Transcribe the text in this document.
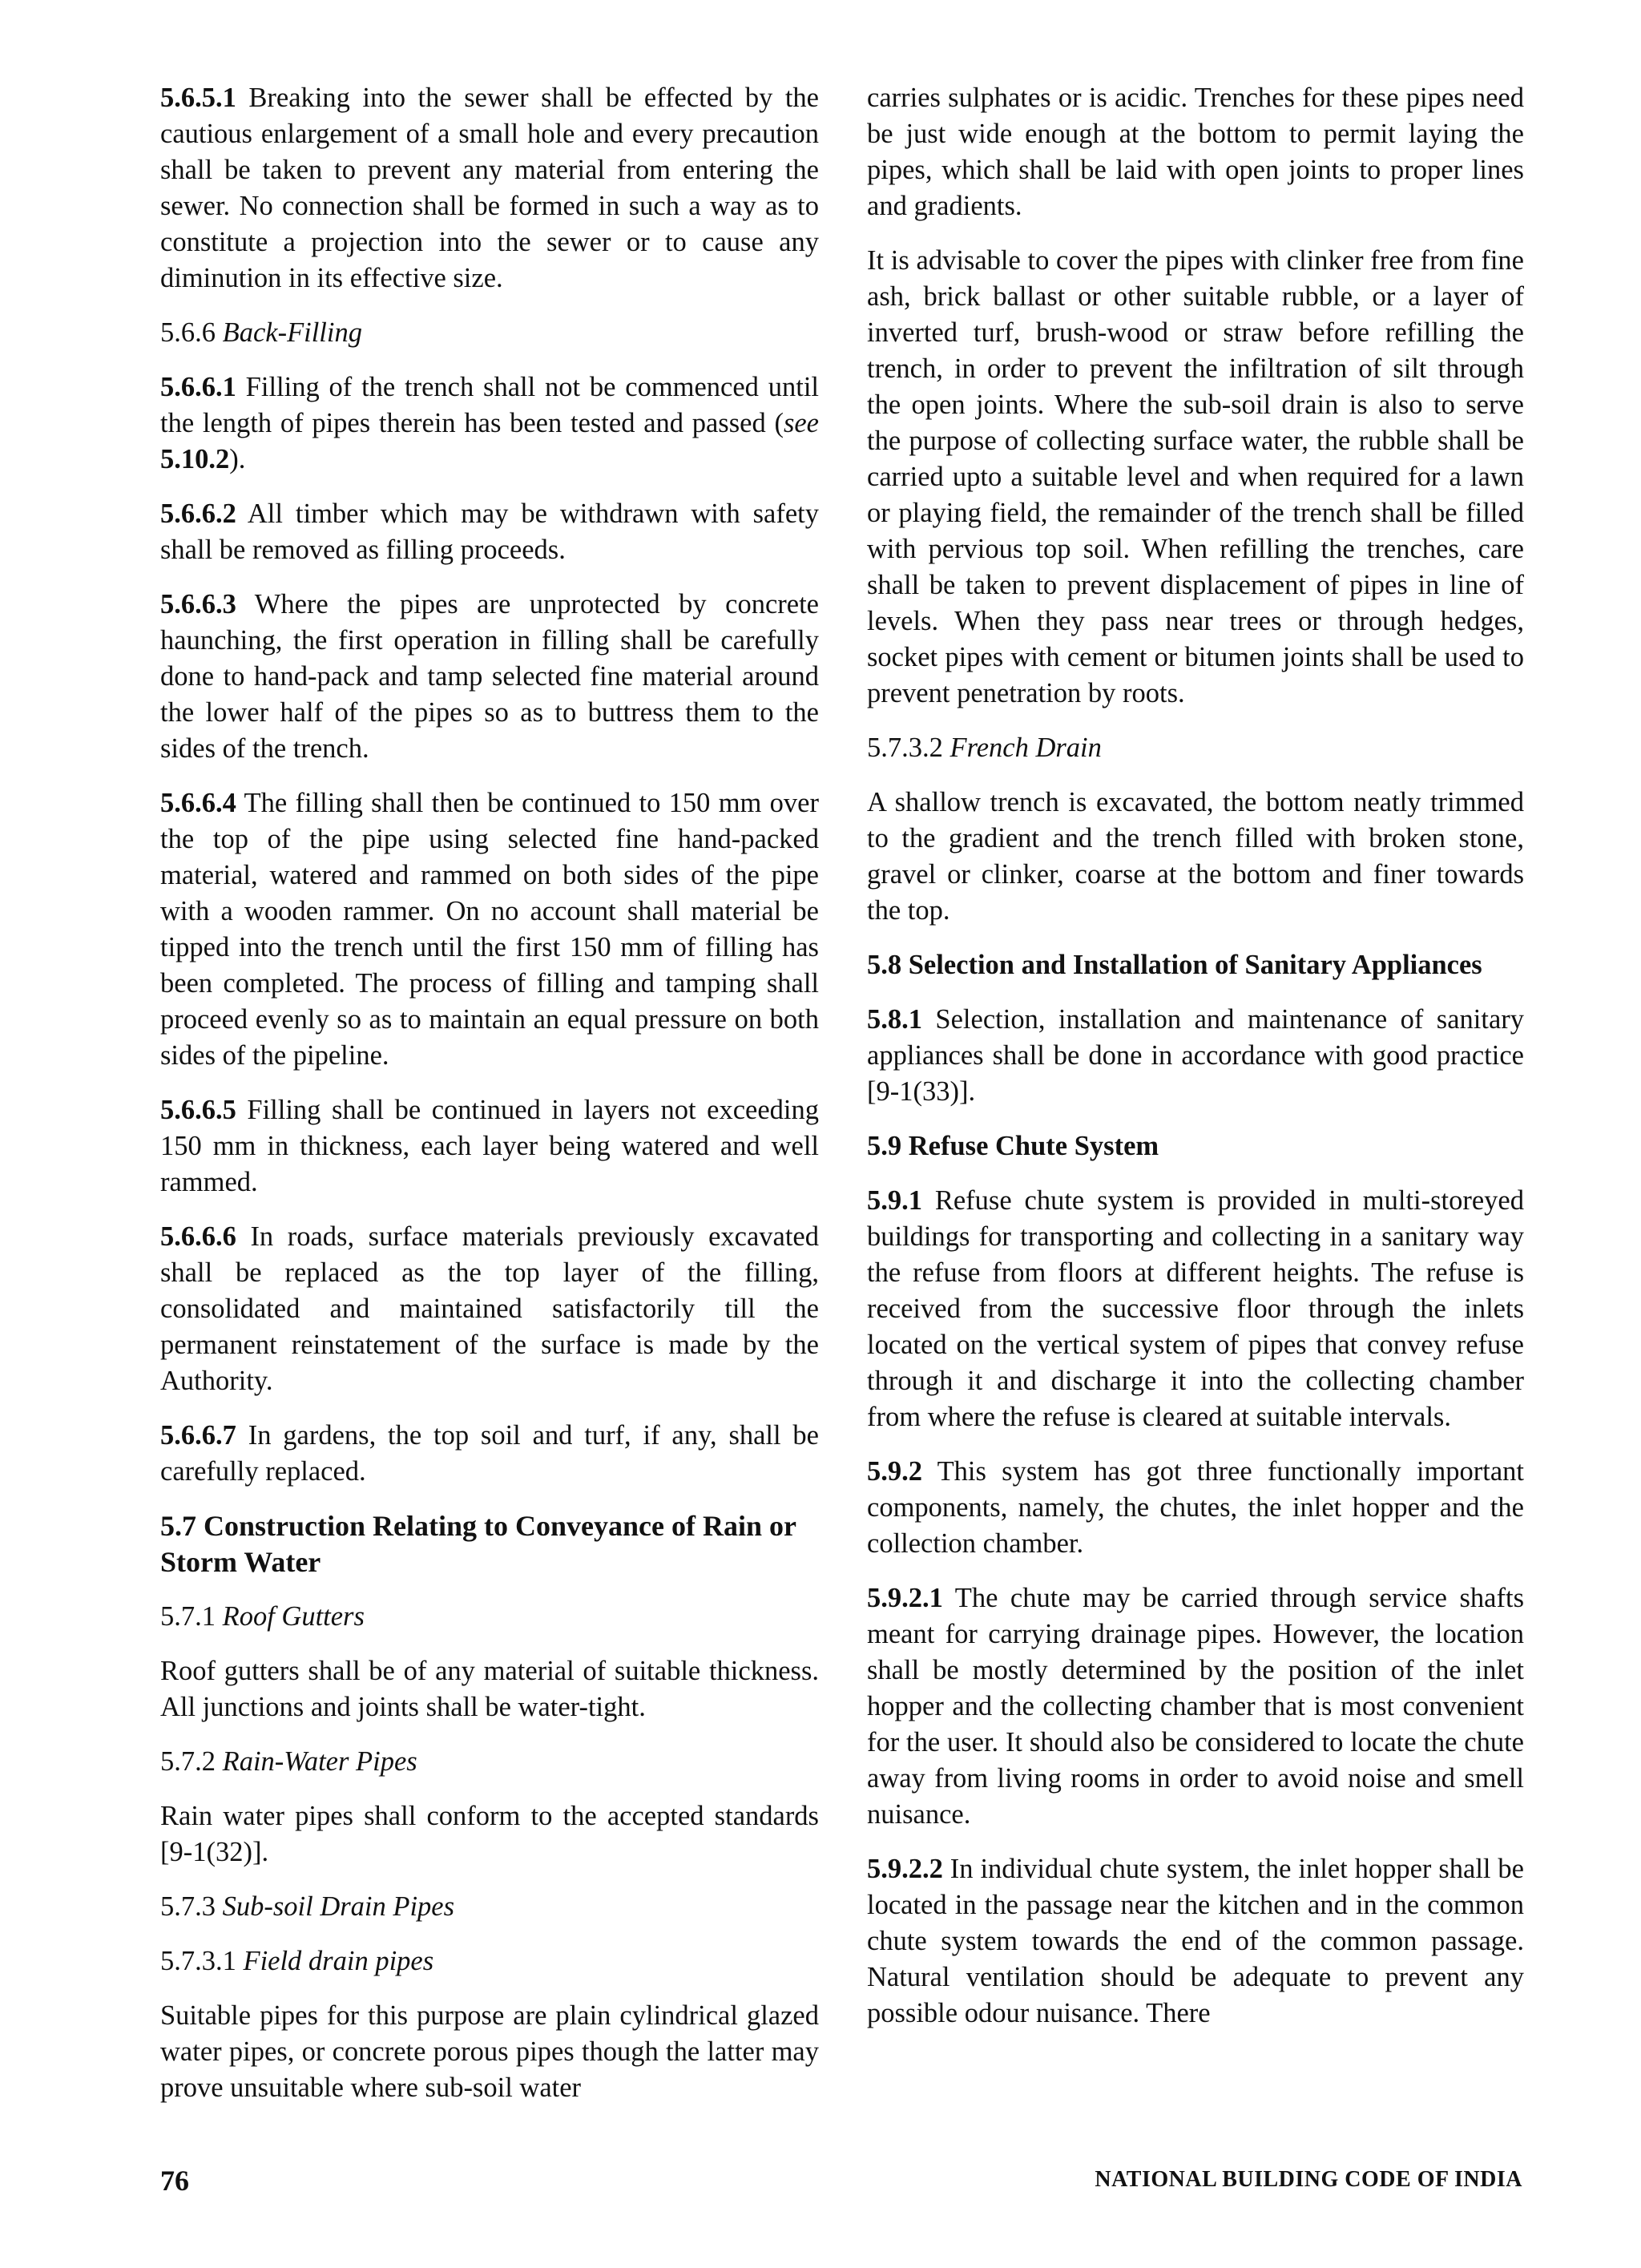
5.6.5.1 Breaking into the sewer shall be effected by the cautious enlargement of a small hole and every precaution shall be taken to prevent any material from entering the sewer. No connection shall be formed in such a way as to constitute a projection into the sewer or to cause any diminution in its effective size.

5.6.6 Back-Filling

5.6.6.1 Filling of the trench shall not be commenced until the length of pipes therein has been tested and passed (see 5.10.2).

5.6.6.2 All timber which may be withdrawn with safety shall be removed as filling proceeds.

5.6.6.3 Where the pipes are unprotected by concrete haunching, the first operation in filling shall be carefully done to hand-pack and tamp selected fine material around the lower half of the pipes so as to buttress them to the sides of the trench.

5.6.6.4 The filling shall then be continued to 150 mm over the top of the pipe using selected fine hand-packed material, watered and rammed on both sides of the pipe with a wooden rammer. On no account shall material be tipped into the trench until the first 150 mm of filling has been completed. The process of filling and tamping shall proceed evenly so as to maintain an equal pressure on both sides of the pipeline.

5.6.6.5 Filling shall be continued in layers not exceeding 150 mm in thickness, each layer being watered and well rammed.

5.6.6.6 In roads, surface materials previously excavated shall be replaced as the top layer of the filling, consolidated and maintained satisfactorily till the permanent reinstatement of the surface is made by the Authority.

5.6.6.7 In gardens, the top soil and turf, if any, shall be carefully replaced.

5.7 Construction Relating to Conveyance of Rain or Storm Water

5.7.1 Roof Gutters

Roof gutters shall be of any material of suitable thickness. All junctions and joints shall be water-tight.

5.7.2 Rain-Water Pipes

Rain water pipes shall conform to the accepted standards [9-1(32)].

5.7.3 Sub-soil Drain Pipes

5.7.3.1 Field drain pipes

Suitable pipes for this purpose are plain cylindrical glazed water pipes, or concrete porous pipes though the latter may prove unsuitable where sub-soil water

carries sulphates or is acidic. Trenches for these pipes need be just wide enough at the bottom to permit laying the pipes, which shall be laid with open joints to proper lines and gradients.

It is advisable to cover the pipes with clinker free from fine ash, brick ballast or other suitable rubble, or a layer of inverted turf, brush-wood or straw before refilling the trench, in order to prevent the infiltration of silt through the open joints. Where the sub-soil drain is also to serve the purpose of collecting surface water, the rubble shall be carried upto a suitable level and when required for a lawn or playing field, the remainder of the trench shall be filled with pervious top soil. When refilling the trenches, care shall be taken to prevent displacement of pipes in line of levels. When they pass near trees or through hedges, socket pipes with cement or bitumen joints shall be used to prevent penetration by roots.

5.7.3.2 French Drain

A shallow trench is excavated, the bottom neatly trimmed to the gradient and the trench filled with broken stone, gravel or clinker, coarse at the bottom and finer towards the top.

5.8 Selection and Installation of Sanitary Appliances

5.8.1 Selection, installation and maintenance of sanitary appliances shall be done in accordance with good practice [9-1(33)].

5.9 Refuse Chute System

5.9.1 Refuse chute system is provided in multi-storeyed buildings for transporting and collecting in a sanitary way the refuse from floors at different heights. The refuse is received from the successive floor through the inlets located on the vertical system of pipes that convey refuse through it and discharge it into the collecting chamber from where the refuse is cleared at suitable intervals.

5.9.2 This system has got three functionally important components, namely, the chutes, the inlet hopper and the collection chamber.

5.9.2.1 The chute may be carried through service shafts meant for carrying drainage pipes. However, the location shall be mostly determined by the position of the inlet hopper and the collecting chamber that is most convenient for the user. It should also be considered to locate the chute away from living rooms in order to avoid noise and smell nuisance.

5.9.2.2 In individual chute system, the inlet hopper shall be located in the passage near the kitchen and in the common chute system towards the end of the common passage. Natural ventilation should be adequate to prevent any possible odour nuisance. There

76	NATIONAL BUILDING CODE OF INDIA
